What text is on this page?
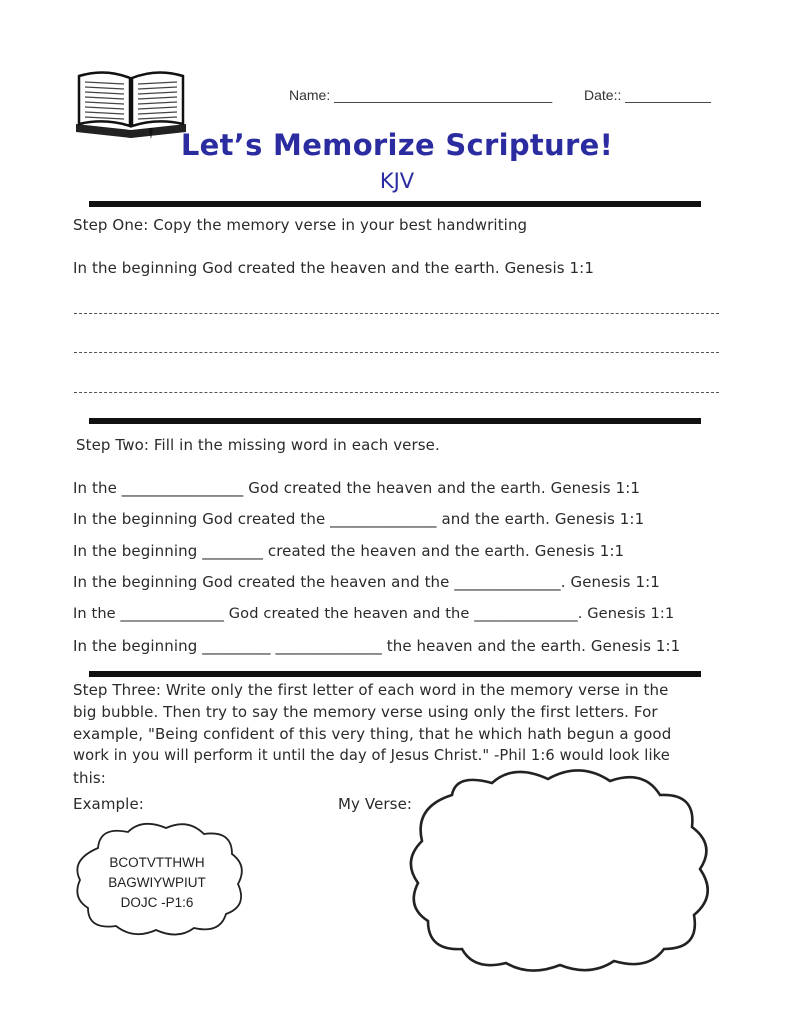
Name: ____________________________ Date:: ___________
Let’s Memorize Scripture!
KJV
Step One: Copy the memory verse in your best handwriting
In the beginning God created the heaven and the earth. Genesis 1:1
Step Two: Fill in the missing word in each verse.
In the ________________ God created the heaven and the earth. Genesis 1:1
In the beginning God created the ______________ and the earth. Genesis 1:1
In the beginning ________ created the heaven and the earth. Genesis 1:1
In the beginning God created the heaven and the ______________. Genesis 1:1
In the ______________ God created the heaven and the ______________. Genesis 1:1
In the beginning _________ ______________ the heaven and the earth. Genesis 1:1
Step Three: Write only the first letter of each word in the memory verse in the
big bubble. Then try to say the memory verse using only the first letters. For
example, "Being confident of this very thing, that he which hath begun a good
work in you will perform it until the day of Jesus Christ." -Phil 1:6 would look like
this:
Example:	My Verse:
BCOTVTTHWH
BAGWIYWPIUT
DOJC -P1:6
